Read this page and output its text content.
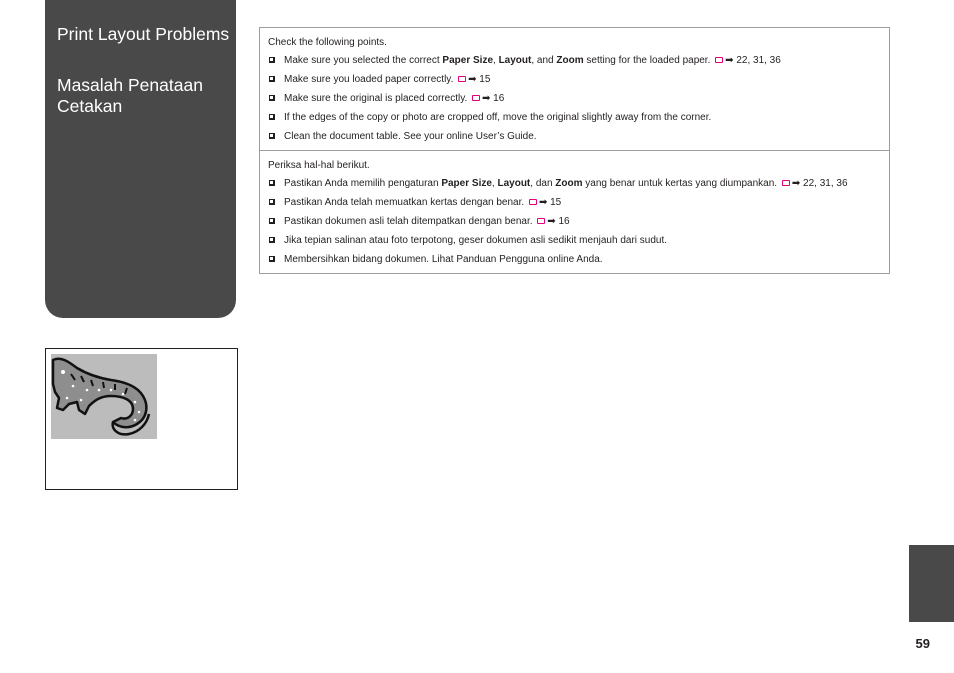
Print Layout Problems
Masalah Penataan Cetakan

Check the following points.

Make sure you selected the correct Paper Size, Layout, and Zoom setting for the loaded paper. ➡ 22, 31, 36
Make sure you loaded paper correctly. ➡ 15
Make sure the original is placed correctly. ➡ 16
If the edges of the copy or photo are cropped off, move the original slightly away from the corner.
Clean the document table. See your online User’s Guide.

Periksa hal-hal berikut.

Pastikan Anda memilih pengaturan Paper Size, Layout, dan Zoom yang benar untuk kertas yang diumpankan. ➡ 22, 31, 36
Pastikan Anda telah memuatkan kertas dengan benar. ➡ 15
Pastikan dokumen asli telah ditempatkan dengan benar. ➡ 16
Jika tepian salinan atau foto terpotong, geser dokumen asli sedikit menjauh dari sudut.
Membersihkan bidang dokumen. Lihat Panduan Pengguna online Anda.
59
